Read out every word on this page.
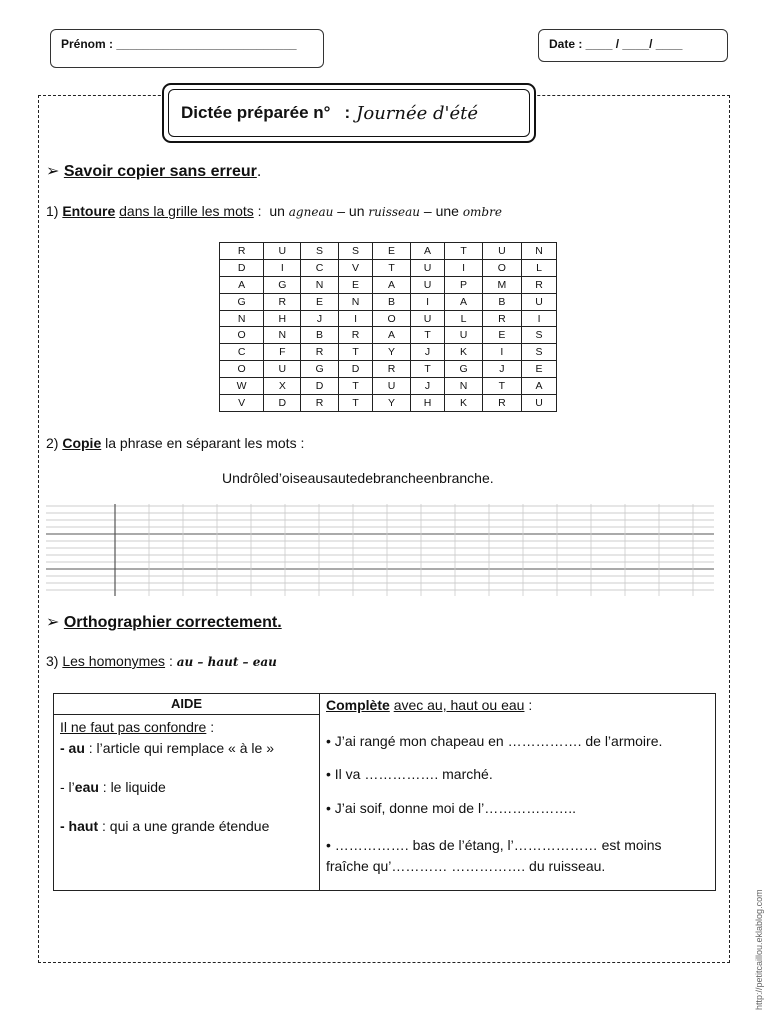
Prénom : ___________________________	Date : ____ / ____/ ____
Dictée préparée n° : Journée d'été
➢ Savoir copier sans erreur.
1) Entoure dans la grille les mots : un agneau – un ruisseau – une ombre
R	U	S	S	E	A	T	U	N
D	I	C	V	T	U	I	O	L
A	G	N	E	A	U	P	M	R
G	R	E	N	B	I	A	B	U
N	H	J	I	O	U	L	R	I
O	N	B	R	A	T	U	E	S
C	F	R	T	Y	J	K	I	S
O	U	G	D	R	T	G	J	E
W	X	D	T	U	J	N	T	A
V	D	R	T	Y	H	K	R	U
2) Copie la phrase en séparant les mots :
Undrôled’oiseausautedebrancheenbranche.
➢ Orthographier correctement.
3) Les homonymes : au – haut – eau
AIDE
Il ne faut pas confondre :
- au : l’article qui remplace « à le »
- l’eau : le liquide
- haut : qui a une grande étendue
Complète avec au, haut ou eau :
• J’ai rangé mon chapeau en ……………. de l’armoire.
• Il va ……………. marché.
• J’ai soif, donne moi de l’………………..
• ……………. bas de l’étang, l’……………… est moins fraîche qu’………… ……………. du ruisseau.
http://petitcaillou.eklablog.com
